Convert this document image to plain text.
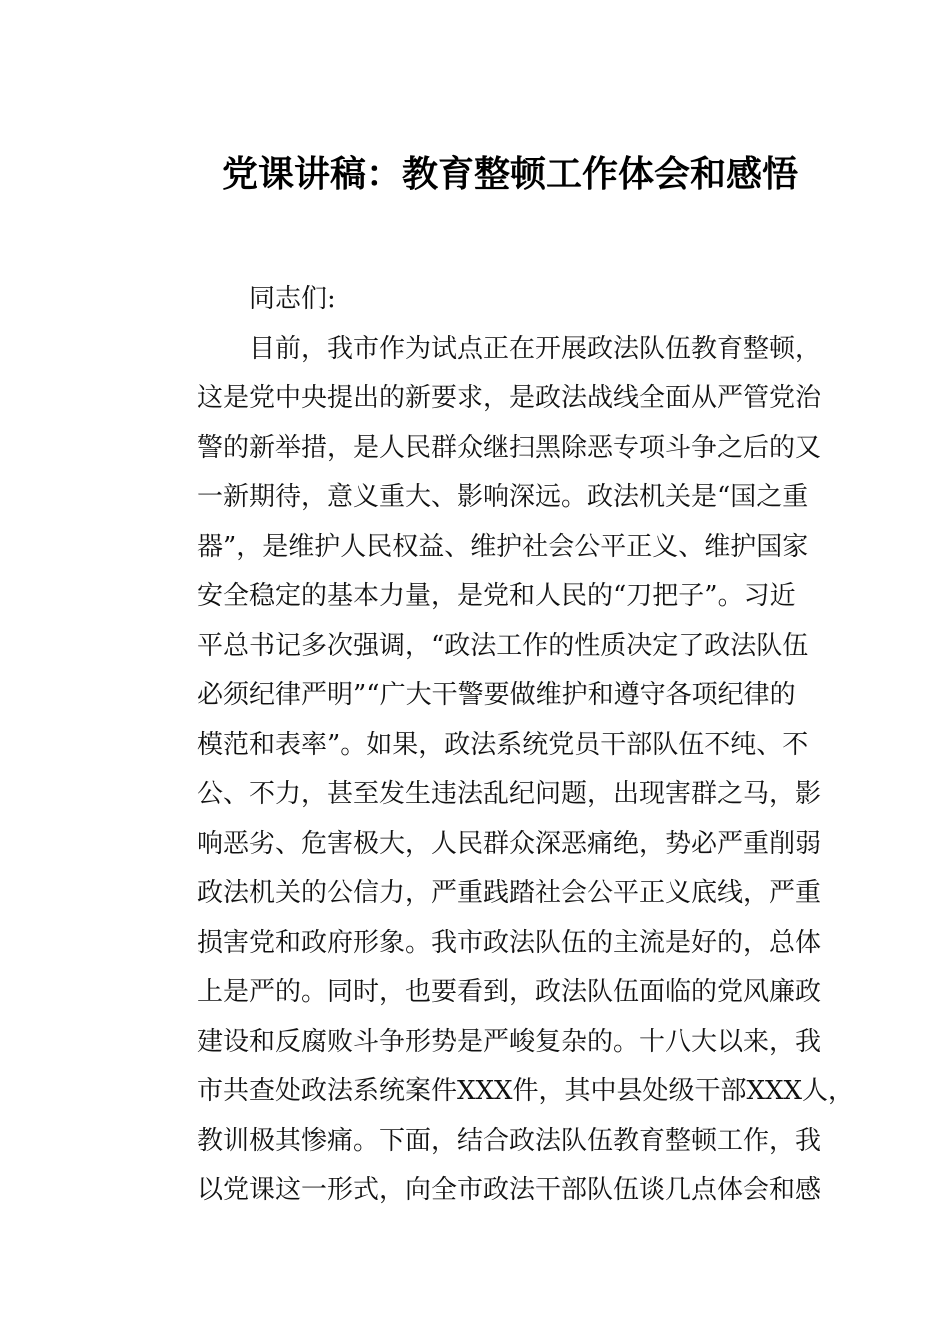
党课讲稿：教育整顿工作体会和感悟
同志们:
目前，我市作为试点正在开展政法队伍教育整顿，
这是党中央提出的新要求，是政法战线全面从严管党治
警的新举措，是人民群众继扫黑除恶专项斗争之后的又
一新期待，意义重大、影响深远。政法机关是“国之重
器”，是维护人民权益、维护社会公平正义、维护国家
安全稳定的基本力量，是党和人民的“刀把子”。习近
平总书记多次强调，“政法工作的性质决定了政法队伍
必须纪律严明”“广大干警要做维护和遵守各项纪律的
模范和表率”。如果，政法系统党员干部队伍不纯、不
公、不力，甚至发生违法乱纪问题，出现害群之马，影
响恶劣、危害极大，人民群众深恶痛绝，势必严重削弱
政法机关的公信力，严重践踏社会公平正义底线，严重
损害党和政府形象。我市政法队伍的主流是好的，总体
上是严的。同时，也要看到，政法队伍面临的党风廉政
建设和反腐败斗争形势是严峻复杂的。十八大以来，我
市共查处政法系统案件XXX件，其中县处级干部XXX人，
教训极其惨痛。下面，结合政法队伍教育整顿工作，我
以党课这一形式，向全市政法干部队伍谈几点体会和感
